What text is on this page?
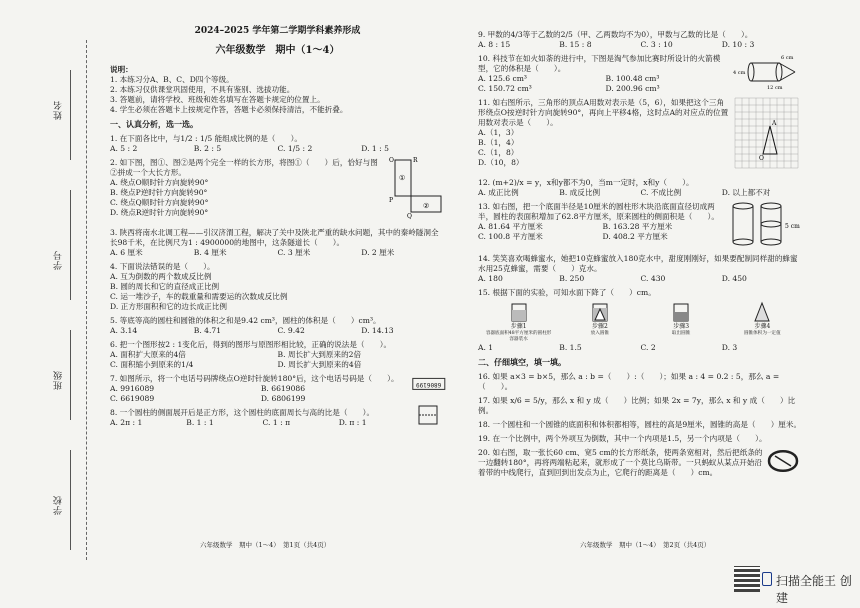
姓名
学号
班级
学校

2024–2025 学年第二学期学科素养形成

六年级数学　期中（1～4）

说明：

1. 本练习分A、B、C、D四个等级。

2. 本练习仅供课堂巩固使用，不具有鉴别、选拔功能。

3. 答题前，请将学校、班级和姓名填写在答题卡规定的位置上。

4. 学生必须在答题卡上按规定作答，答题卡必须保持清洁，不能折叠。

一、认真分析，选一选。

1. 在下面各比中，与1/2 : 1/5 能组成比例的是（　　）。

A. 5 : 2	B. 2 : 5	C. 1/5 : 2	D. 1 : 5

2. 如下图，图①、图②是两个完全一样的长方形，将图①（　　）后，恰好与图②拼成一个大长方形。

A. 绕点O顺时针方向旋转90°

B. 绕点P逆时针方向旋转90°

C. 绕点Q顺时针方向旋转90°

D. 绕点R逆时针方向旋转90°

①
②
O	R
P
Q

3. 陕西将南水北调工程——引汉济渭工程，解决了关中及陕北严重的缺水问题，其中的秦岭隧洞全长98千米，在比例尺为1 : 4900000的地图中，这条隧道长（　　）。

A. 6 厘米	B. 4 厘米	C. 3 厘米	D. 2 厘米

4. 下面说法错误的是（　　）。

A. 互为倒数的两个数成反比例

B. 圆的周长和它的直径成正比例

C. 运一堆沙子，车的载重量和需要运的次数成反比例

D. 正方形面积和它的边长成正比例

5. 等底等高的圆柱和圆锥的体积之和是9.42 cm³，圆柱的体积是（　　）cm³。

A. 3.14	B. 4.71	C. 9.42	D. 14.13

6. 把一个图形按2 : 1变化后，得到的图形与原图形相比较，正确的说法是（　　）。

A. 面积扩大原来的4倍	B. 周长扩大到原来的2倍
C. 面积缩小到原来的1/4	D. 周长扩大到原来的4倍

7. 如图所示，将一个电话号码牌绕点O逆时针旋转180°后，这个电话号码是（　　）。

A. 9916089	B. 6619086
C. 6619089	D. 6806199
6806199

8. 一个圆柱的侧面展开后是正方形，这个圆柱的底面周长与高的比是（　　）。

A. 2π : 1	B. 1 : 1	C. 1 : π	D. π : 1
六年级数学　期中（1～4）　第1页（共4页）

9. 甲数的4/3等于乙数的2/5（甲、乙两数均不为0），甲数与乙数的比是（　　）。

A. 8 : 15	B. 15 : 8	C. 3 : 10	D. 10 : 3

10. 科技节在如火如荼的进行中，下图是淘气参加比赛时所设计的火箭模型，它的体积是（　　）。

A. 125.6 cm³	B. 100.48 cm³
C. 150.72 cm³	D. 200.96 cm³
6 cm
4 cm
12 cm

11. 如右图所示，三角形的顶点A用数对表示是（5，6），如果把这个三角形绕点O按逆时针方向旋转90°，再向上平移4格，这时点A的对应点的位置用数对表示是（　　）。

A.（1，3）

B.（1，4）

C.（1，8）

D.（10，8）

A
O

12. (m+2)/x = y，x和y都不为0，当m一定时，x和y（　　）。

A. 成正比例	B. 成反比例	C. 不成比例	D. 以上都不对

13. 如右图，把一个底面半径是10厘米的圆柱形木块沿底面直径切成两半，圆柱的表面积增加了62.8平方厘米，原来圆柱的侧面积是（　　）。

A. 81.64 平方厘米	B. 163.28 平方厘米
C. 100.8 平方厘米	D. 408.2 平方厘米
5 cm

14. 笑笑喜欢喝蜂蜜水，她把10克蜂蜜放入180克水中，甜度刚刚好，如果要配制同样甜的蜂蜜水用25克蜂蜜，需要（　　）克水。

A. 180	B. 250	C. 430	D. 450

15. 根据下面的实验，可知水面下降了（　　）cm。

步骤1
容器底面积48平方厘米的圆柱形容器装水
步骤2
放入圆锥
步骤3
取出圆锥
步骤4
圆锥体积为一定值
A. 1	B. 1.5	C. 2	D. 3

二、仔细填空，填一填。

16. 如果 a×3 = b×5，那么 a : b =（　　）:（　　）；如果 a : 4 = 0.2 : 5，那么 a =（　　）。

17. 如果 x/6 = 5/y，那么 x 和 y 成（　　）比例；如果 2x = 7y，那么 x 和 y 成（　　）比例。

18. 一个圆柱和一个圆锥的底面积和体积都相等，圆柱的高是9厘米，圆锥的高是（　　）厘米。

19. 在一个比例中，两个外项互为倒数，其中一个内项是1.5，另一个内项是（　　）。

20. 如右图，取一张长60 cm、宽5 cm的长方形纸条，使两条宽相对，然后把纸条的一边翻转180°，再将两端粘起来，就形成了一个莫比乌斯带。一只蚂蚁从某点开始沿着带的中线爬行，直到回到出发点为止，它爬行的距离是（　　）cm。

六年级数学　期中（1～4）　第2页（共4页）
扫描全能王 创建
